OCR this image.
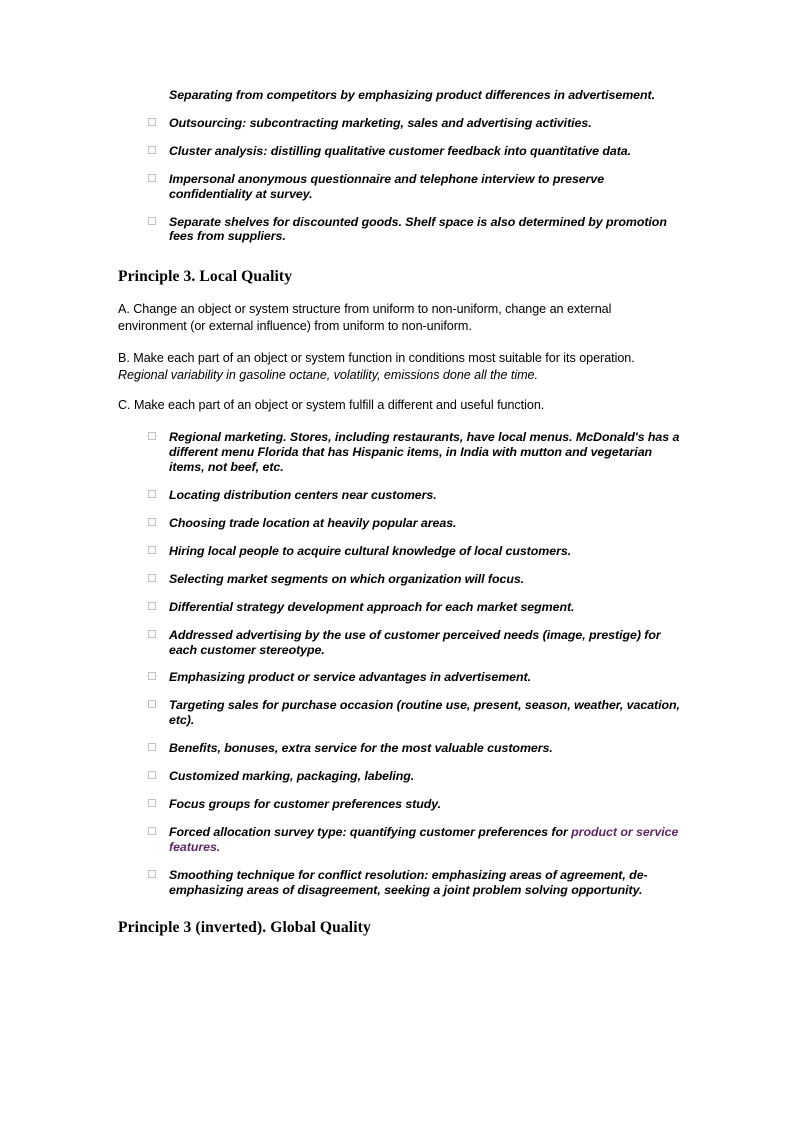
Separating from competitors by emphasizing product differences in advertisement.
Outsourcing: subcontracting marketing, sales and advertising activities.
Cluster analysis: distilling qualitative customer feedback into quantitative data.
Impersonal anonymous questionnaire and telephone interview to preserve confidentiality at survey.
Separate shelves for discounted goods. Shelf space is also determined by promotion fees from suppliers.
Principle 3. Local Quality

A. Change an object or system structure from uniform to non-uniform, change an external environment (or external influence) from uniform to non-uniform.

B. Make each part of an object or system function in conditions most suitable for its operation.
Regional variability in gasoline octane, volatility, emissions done all the time.

C. Make each part of an object or system fulfill a different and useful function.

Regional marketing. Stores, including restaurants, have local menus. McDonald's has a different menu Florida that has Hispanic items, in India with mutton and vegetarian items, not beef, etc.
Locating distribution centers near customers.
Choosing trade location at heavily popular areas.
Hiring local people to acquire cultural knowledge of local customers.
Selecting market segments on which organization will focus.
Differential strategy development approach for each market segment.
Addressed advertising by the use of customer perceived needs (image, prestige) for each customer stereotype.
Emphasizing product or service advantages in advertisement.
Targeting sales for purchase occasion (routine use, present, season, weather, vacation, etc).
Benefits, bonuses, extra service for the most valuable customers.
Customized marking, packaging, labeling.
Focus groups for customer preferences study.
Forced allocation survey type: quantifying customer preferences for product or service features.
Smoothing technique for conflict resolution: emphasizing areas of agreement, de-emphasizing areas of disagreement, seeking a joint problem solving opportunity.
Principle 3 (inverted). Global Quality
